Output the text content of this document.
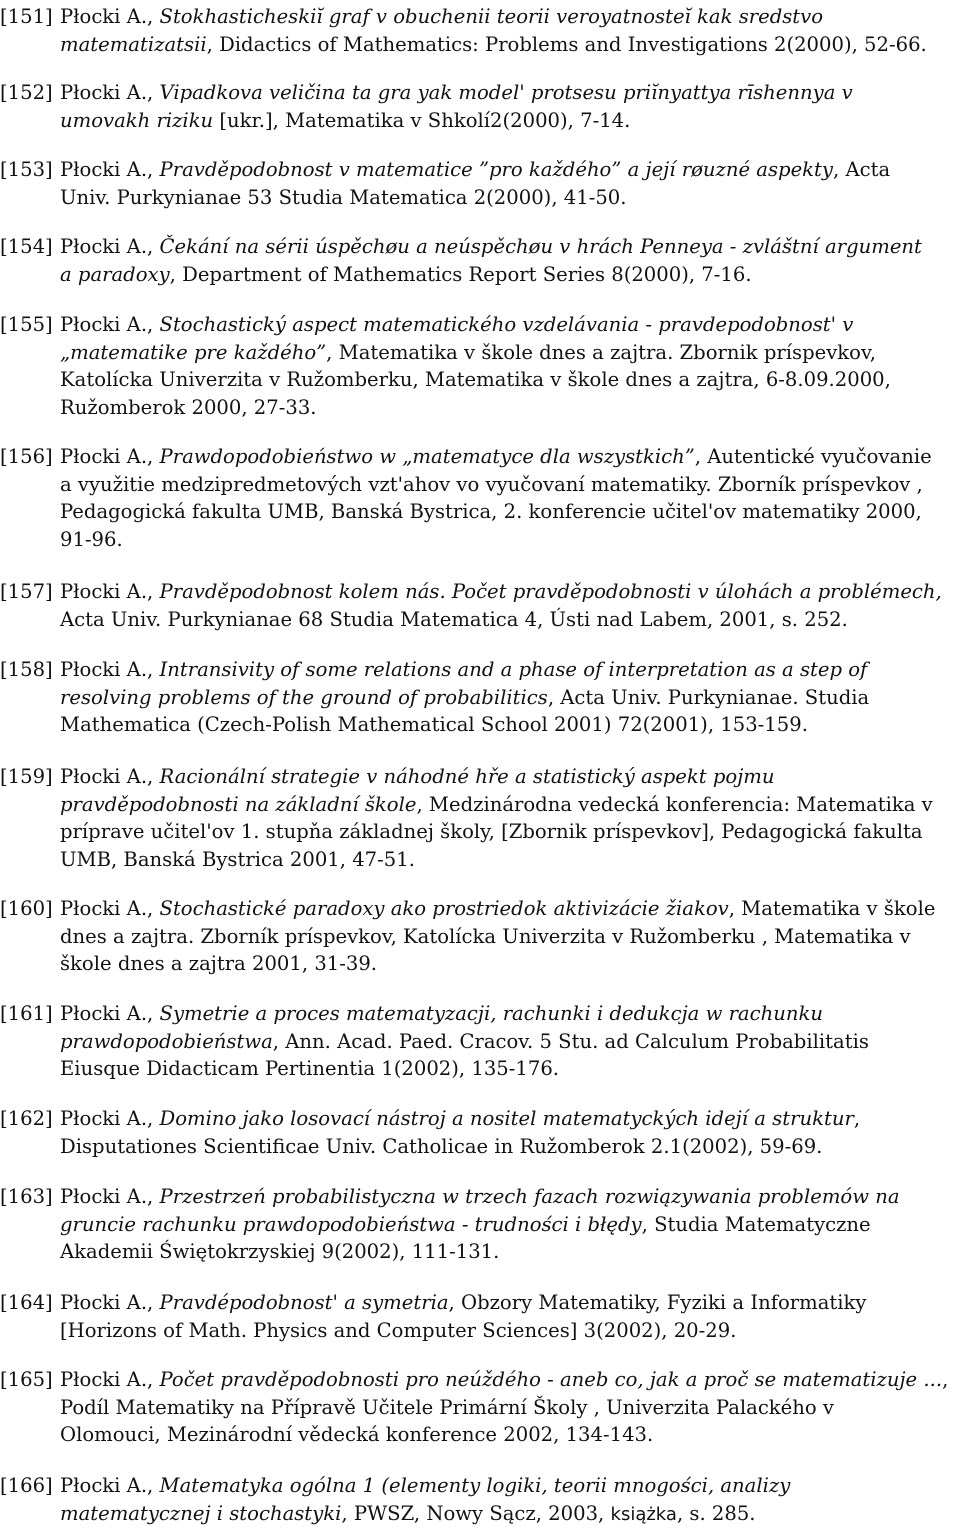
[151] Płocki A., Stokhasticheskiĭ graf v obuchenii teorii veroyatnosteĭ kak sredstvo
matematizatsii, Didactics of Mathematics: Problems and Investigations 2(2000), 52-66.
[152] Płocki A., Vipadkova veličina ta gra yak model' protsesu priĭnyattya rīshennya v
umovakh riziku [ukr.], Matematika v Shkolí2(2000), 7-14.
[153] Płocki A., Pravděpodobnost v matematice ”pro každého” a její røuzné aspekty, Acta
Univ. Purkynianae 53 Studia Matematica 2(2000), 41-50.
[154] Płocki A., Čekání na sérii úspěchøu a neúspěchøu v hrách Penneya - zvláštní argument
a paradoxy, Department of Mathematics Report Series 8(2000), 7-16.
[155] Płocki A., Stochastický aspect matematického vzdelávania - pravdepodobnost' v
„matematike pre každého”, Matematika v škole dnes a zajtra. Zbornik príspevkov,
Katolícka Univerzita v Ružomberku, Matematika v škole dnes a zajtra, 6-8.09.2000,
Ružomberok 2000, 27-33.
[156] Płocki A., Prawdopodobieństwo w „matematyce dla wszystkich”, Autentické vyučovanie
a využitie medzipredmetových vzt'ahov vo vyučovaní matematiky. Zborník príspevkov ,
Pedagogická fakulta UMB, Banská Bystrica, 2. konferencie učitel'ov matematiky 2000,
91-96.
[157] Płocki A., Pravděpodobnost kolem nás. Počet pravděpodobnosti v úlohách a problémech,
Acta Univ. Purkynianae 68 Studia Matematica 4, Ústi nad Labem, 2001, s. 252.
[158] Płocki A., Intransivity of some relations and a phase of interpretation as a step of
resolving problems of the ground of probabilitics, Acta Univ. Purkynianae. Studia
Mathematica (Czech-Polish Mathematical School 2001) 72(2001), 153-159.
[159] Płocki A., Racionální strategie v náhodné hře a statistický aspekt pojmu
pravděpodobnosti na základní škole, Medzinárodna vedecká konferencia: Matematika v
príprave učitel'ov 1. stupňa základnej školy, [Zbornik príspevkov], Pedagogická fakulta
UMB, Banská Bystrica 2001, 47-51.
[160] Płocki A., Stochastické paradoxy ako prostriedok aktivizácie žiakov, Matematika v škole
dnes a zajtra. Zborník príspevkov, Katolícka Univerzita v Ružomberku , Matematika v
škole dnes a zajtra 2001, 31-39.
[161] Płocki A., Symetrie a proces matematyzacji, rachunki i dedukcja w rachunku
prawdopodobieństwa, Ann. Acad. Paed. Cracov. 5 Stu. ad Calculum Probabilitatis
Eiusque Didacticam Pertinentia 1(2002), 135-176.
[162] Płocki A., Domino jako losovací nástroj a nositel matematyckých idejí a struktur,
Disputationes Scientificae Univ. Catholicae in Ružomberok 2.1(2002), 59-69.
[163] Płocki A., Przestrzeń probabilistyczna w trzech fazach rozwiązywania problemów na
gruncie rachunku prawdopodobieństwa - trudności i błędy, Studia Matematyczne
Akademii Świętokrzyskiej 9(2002), 111-131.
[164] Płocki A., Pravdépodobnost' a symetria, Obzory Matematiky, Fyziki a Informatiky
[Horizons of Math. Physics and Computer Sciences] 3(2002), 20-29.
[165] Płocki A., Počet pravděpodobnosti pro neúždého - aneb co, jak a proč se matematizuje ...,
Podíl Matematiky na Přípravě Učitele Primární Školy , Univerzita Palackého v
Olomouci, Mezinárodní vědecká konference 2002, 134-143.
[166] Płocki A., Matematyka ogólna 1 (elementy logiki, teorii mnogości, analizy
matematycznej i stochastyki, PWSZ, Nowy Sącz, 2003, książka, s. 285.
